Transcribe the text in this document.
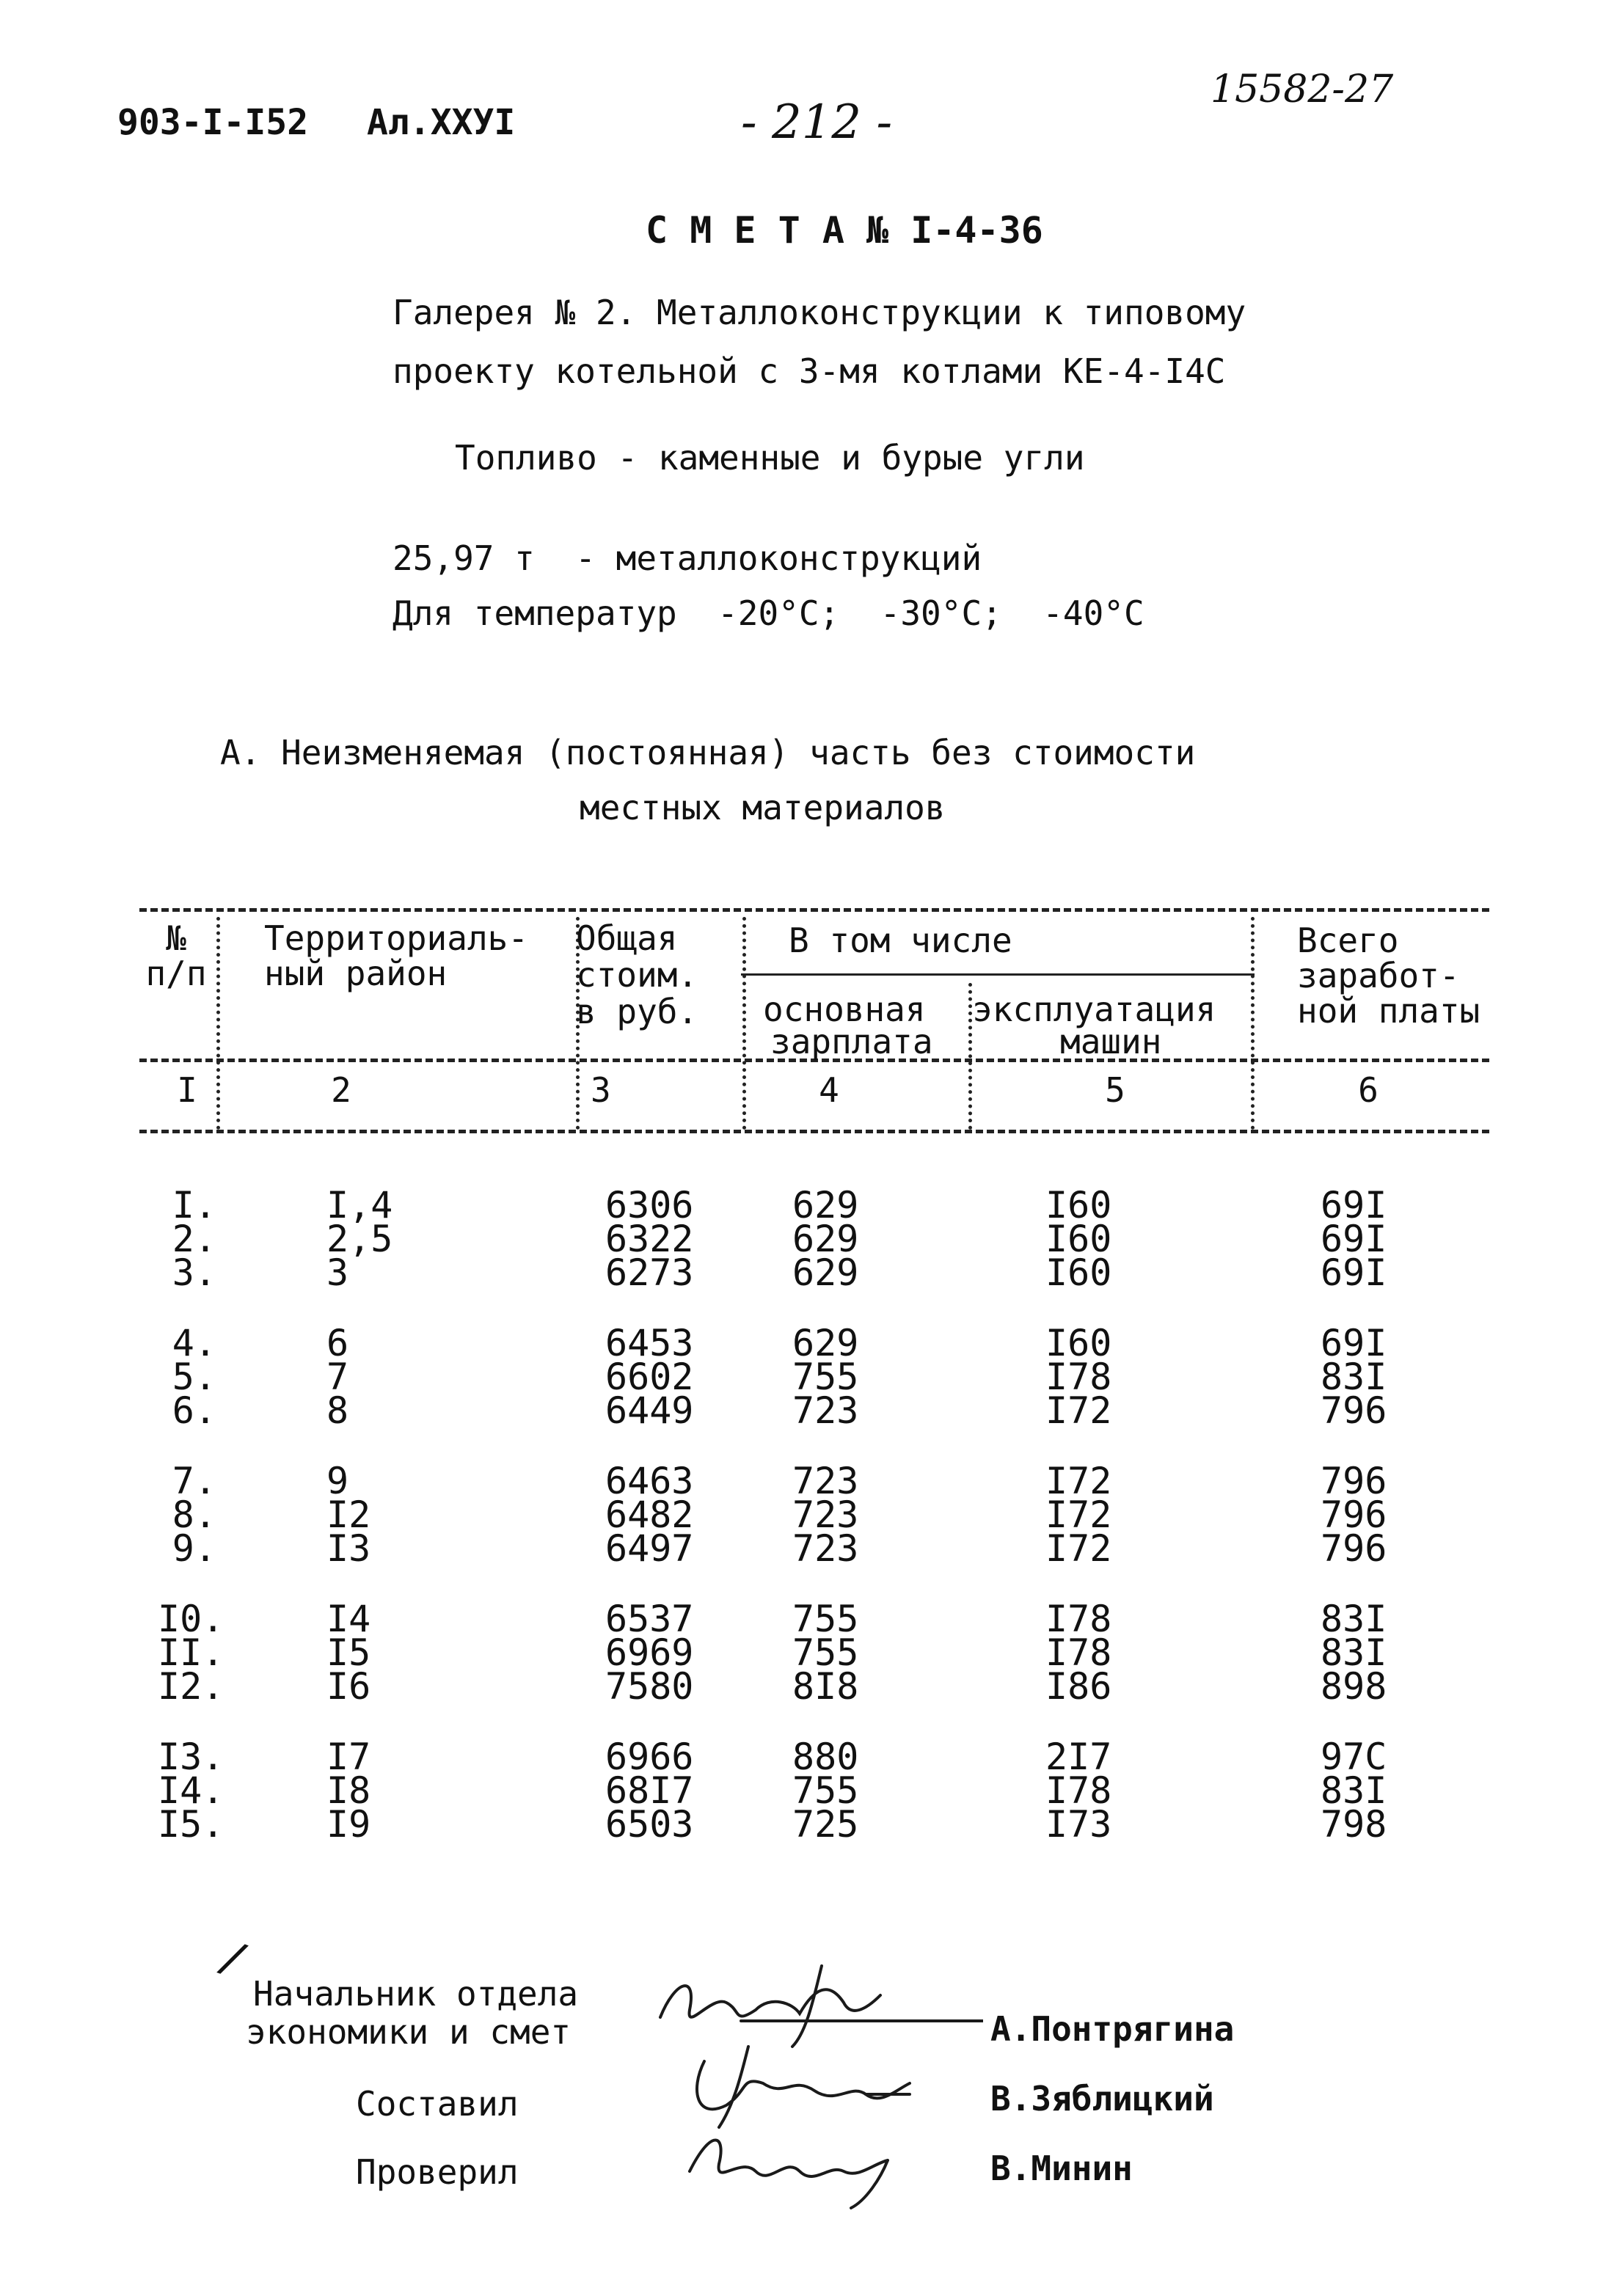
903-I-I52 Ал.XXУI	- 212 -
15582-27
С М Е Т А № I-4-36
Галерея № 2. Металлоконструкции к типовому
проекту котельной с 3-мя котлами КЕ-4-I4С
Топливо - каменные и бурые угли
25,97 т  - металлоконструкций
Для температур  -20°С;  -30°С;  -40°С
А. Неизменяемая (постоянная) часть без стоимости
местных материалов
№
п/п
Территориаль-
ный район
Общая
стоим.
в руб.
В том числе
основная
зарплата
эксплуатация
машин
Всего
заработ-
ной платы
I	2	3	4	5	6
I.	I,4	6306	629	I60	69I
2.	2,5	6322	629	I60	69I
3.	3	6273	629	I60	69I
4.	6	6453	629	I60	69I
5.	7	6602	755	I78	83I
6.	8	6449	723	I72	796
7.	9	6463	723	I72	796
8.	I2	6482	723	I72	796
9.	I3	6497	723	I72	796
I0.	I4	6537	755	I78	83I
II.	I5	6969	755	I78	83I
I2.	I6	7580	8I8	I86	898
I3.	I7	6966	880	2I7	97С
I4.	I8	68I7	755	I78	83I
I5.	I9	6503	725	I73	798
/
Начальник отдела
экономики и смет
Составил
Проверил
А.Понтрягина
В.Зяблицкий
В.Минин
